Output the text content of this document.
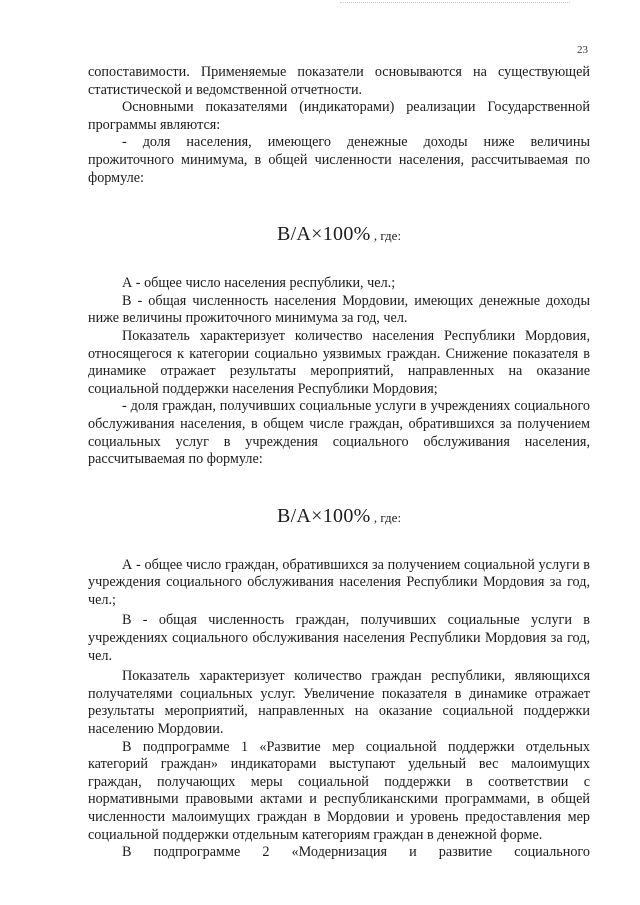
23

сопоставимости. Применяемые показатели основываются на существующей статистической и ведомственной отчетности.

Основными показателями (индикаторами) реализации Государственной программы являются:

- доля населения, имеющего денежные доходы ниже величины прожиточного минимума, в общей численности населения, рассчитываемая по формуле:

B/A×100% , где:

А - общее число населения республики, чел.;

В - общая численность населения Мордовии, имеющих денежные доходы ниже величины прожиточного минимума за год, чел.

Показатель характеризует количество населения Республики Мордовия, относящегося к категории социально уязвимых граждан. Снижение показателя в динамике отражает результаты мероприятий, направленных на оказание социальной поддержки населения Республики Мордовия;

- доля граждан, получивших социальные услуги в учреждениях социального обслуживания населения, в общем числе граждан, обратившихся за получением социальных услуг в учреждения социального обслуживания населения, рассчитываемая по формуле:

B/A×100% , где:

А - общее число граждан, обратившихся за получением социальной услуги в учреждения социального обслуживания населения Республики Мордовия за год, чел.;

В - общая численность граждан, получивших социальные услуги в учреждениях социального обслуживания населения Республики Мордовия за год, чел.

Показатель характеризует количество граждан республики, являющихся получателями социальных услуг. Увеличение показателя в динамике отражает результаты мероприятий, направленных на оказание социальной поддержки населению Мордовии.

В подпрограмме 1 «Развитие мер социальной поддержки отдельных категорий граждан» индикаторами выступают удельный вес малоимущих граждан, получающих меры социальной поддержки в соответствии с нормативными правовыми актами и республиканскими программами, в общей численности малоимущих граждан в Мордовии и уровень предоставления мер социальной поддержки отдельным категориям граждан в денежной форме.

В подпрограмме 2 «Модернизация и развитие социального
